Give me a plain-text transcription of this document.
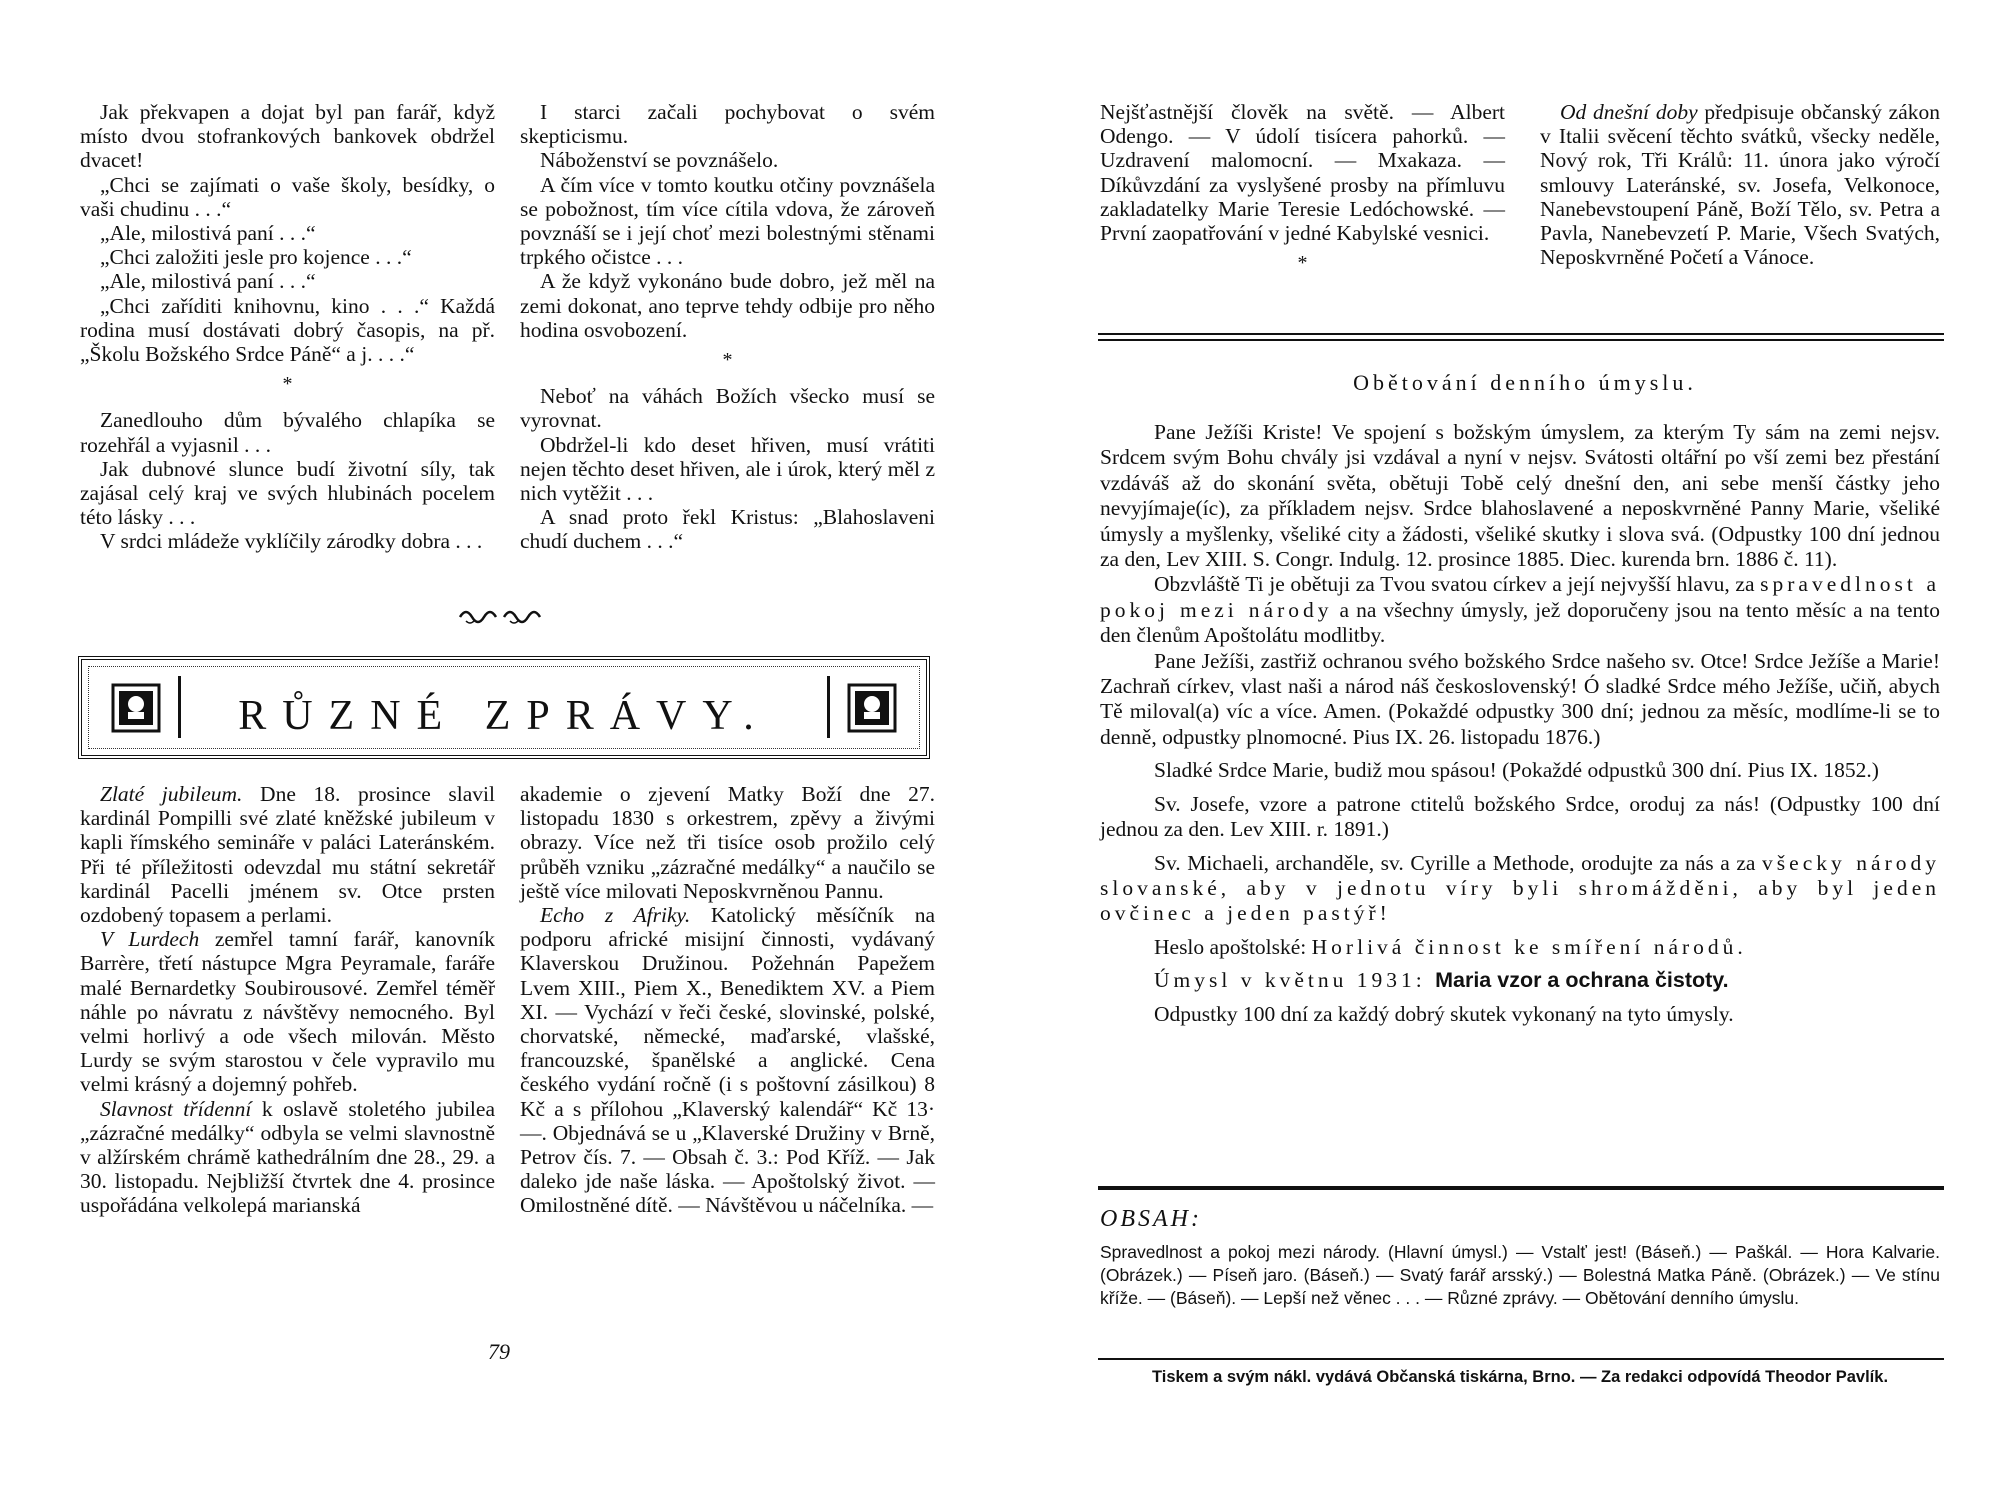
Jak překvapen a dojat byl pan farář, když místo dvou stofrankových bankovek obdržel dvacet!

„Chci se zajímati o vaše školy, besídky, o vaši chudinu . . .“

„Ale, milostivá paní . . .“

„Chci založiti jesle pro kojence . . .“

„Ale, milostivá paní . . .“

„Chci zaříditi knihovnu, kino . . .“ Každá rodina musí dostávati dobrý časopis, na př. „Školu Božského Srdce Páně“ a j. . . .“

*

Zanedlouho dům bývalého chlapíka se rozehřál a vyjasnil . . .

Jak dubnové slunce budí životní síly, tak zajásal celý kraj ve svých hlubinách pocelem této lásky . . .

V srdci mládeže vyklíčily zárodky dobra . . .

I starci začali pochybovat o svém skepticismu.

Náboženství se povznášelo.

A čím více v tomto koutku otčiny povznášela se pobožnost, tím více cítila vdova, že zároveň povznáší se i její choť mezi bolestnými stěnami trpkého očistce . . .

A že když vykonáno bude dobro, jež měl na zemi dokonat, ano teprve tehdy odbije pro něho hodina osvobození.

*

Neboť na váhách Božích všecko musí se vyrovnat.

Obdržel-li kdo deset hřiven, musí vrátiti nejen těchto deset hřiven, ale i úrok, který měl z nich vytěžit . . .

A snad proto řekl Kristus: „Blahoslaveni chudí duchem . . .“

RŮZNÉ ZPRÁVY.

Zlaté jubileum. Dne 18. prosince slavil kardinál Pompilli své zlaté kněžské jubileum v kapli římského semináře v paláci Lateránském. Při té příležitosti odevzdal mu státní sekretář kardinál Pacelli jménem sv. Otce prsten ozdobený topasem a perlami.

V Lurdech zemřel tamní farář, kanovník Barrère, třetí nástupce Mgra Peyramale, faráře malé Bernardetky Soubirousové. Zemřel téměř náhle po návratu z návštěvy nemocného. Byl velmi horlivý a ode všech milován. Město Lurdy se svým starostou v čele vypravilo mu velmi krásný a dojemný pohřeb.

Slavnost třídenní k oslavě stoletého jubilea „zázračné medálky“ odbyla se velmi slavnostně v alžírském chrámě kathedrálním dne 28., 29. a 30. listopadu. Nejbližší čtvrtek dne 4. prosince uspořádána velkolepá marianská

akademie o zjevení Matky Boží dne 27. listopadu 1830 s orkestrem, zpěvy a živými obrazy. Více než tři tisíce osob prožilo celý průběh vzniku „zázračné medálky“ a naučilo se ještě více milovati Neposkvrněnou Pannu.

Echo z Afriky. Katolický měsíčník na podporu africké misijní činnosti, vydávaný Klaverskou Družinou. Požehnán Papežem Lvem XIII., Piem X., Benediktem XV. a Piem XI. — Vychází v řeči české, slovinské, polské, chorvatské, německé, maďarské, vlašské, francouzské, španělské a anglické. Cena českého vydání ročně (i s poštovní zásilkou) 8 Kč a s přílohou „Klaverský kalendář“ Kč 13·—. Objednává se u „Klaverské Družiny v Brně, Petrov čís. 7. — Obsah č. 3.: Pod Kříž. — Jak daleko jde naše láska. — Apoštolský život. — Omilostněné dítě. — Návštěvou u náčelníka. —

79

Nejšťastnější člověk na světě. — Albert Odengo. — V údolí tisícera pahorků. — Uzdravení malomocní. — Mxakaza. — Díkůvzdání za vyslyšené prosby na přímluvu zakladatelky Marie Teresie Ledóchowské. — První zaopatřování v jedné Kabylské vesnici.

*

Od dnešní doby předpisuje občanský zákon v Italii svěcení těchto svátků, všecky neděle, Nový rok, Tři Králů: 11. února jako výročí smlouvy Lateránské, sv. Josefa, Velkonoce, Nanebevstoupení Páně, Boží Tělo, sv. Petra a Pavla, Nanebevzetí P. Marie, Všech Svatých, Neposkvrněné Početí a Vánoce.

Obětování denního úmyslu.

Pane Ježíši Kriste! Ve spojení s božským úmyslem, za kterým Ty sám na zemi nejsv. Srdcem svým Bohu chvály jsi vzdával a nyní v nejsv. Svátosti oltářní po vší zemi bez přestání vzdáváš až do skonání světa, obětuji Tobě celý dnešní den, ani sebe menší částky jeho nevyjímaje(íc), za příkladem nejsv. Srdce blahoslavené a neposkvrněné Panny Marie, všeliké úmysly a myšlenky, všeliké city a žádosti, všeliké skutky i slova svá. (Odpustky 100 dní jednou za den, Lev XIII. S. Congr. Indulg. 12. prosince 1885. Diec. kurenda brn. 1886 č. 11).

Obzvláště Ti je obětuji za Tvou svatou církev a její nejvyšší hlavu, za spravedlnost a pokoj mezi národy a na všechny úmysly, jež doporučeny jsou na tento měsíc a na tento den členům Apoštolátu modlitby.

Pane Ježíši, zastřiž ochranou svého božského Srdce našeho sv. Otce! Srdce Ježíše a Marie! Zachraň církev, vlast naši a národ náš československý! Ó sladké Srdce mého Ježíše, učiň, abych Tě miloval(a) víc a více. Amen. (Pokaždé odpustky 300 dní; jednou za měsíc, modlíme-li se to denně, odpustky plnomocné. Pius IX. 26. listopadu 1876.)

Sladké Srdce Marie, budiž mou spásou! (Pokaždé odpustků 300 dní. Pius IX. 1852.)

Sv. Josefe, vzore a patrone ctitelů božského Srdce, oroduj za nás! (Odpustky 100 dní jednou za den. Lev XIII. r. 1891.)

Sv. Michaeli, archanděle, sv. Cyrille a Methode, orodujte za nás a za všecky národy slovanské, aby v jednotu víry byli shromážděni, aby byl jeden ovčinec a jeden pastýř!

Heslo apoštolské: Horlivá činnost ke smíření národů.

Úmysl v květnu 1931: Maria vzor a ochrana čistoty.

Odpustky 100 dní za každý dobrý skutek vykonaný na tyto úmysly.

OBSAH:
Spravedlnost a pokoj mezi národy. (Hlavní úmysl.) — Vstalť jest! (Báseň.) — Paškál. — Hora Kalvarie. (Obrázek.) — Píseň jaro. (Báseň.) — Svatý farář arsský.) — Bolestná Matka Páně. (Obrázek.) — Ve stínu kříže. — (Báseň). — Lepší než věnec . . . — Různé zprávy. — Obětování denního úmyslu.
Tiskem a svým nákl. vydává Občanská tiskárna, Brno. — Za redakci odpovídá Theodor Pavlík.
